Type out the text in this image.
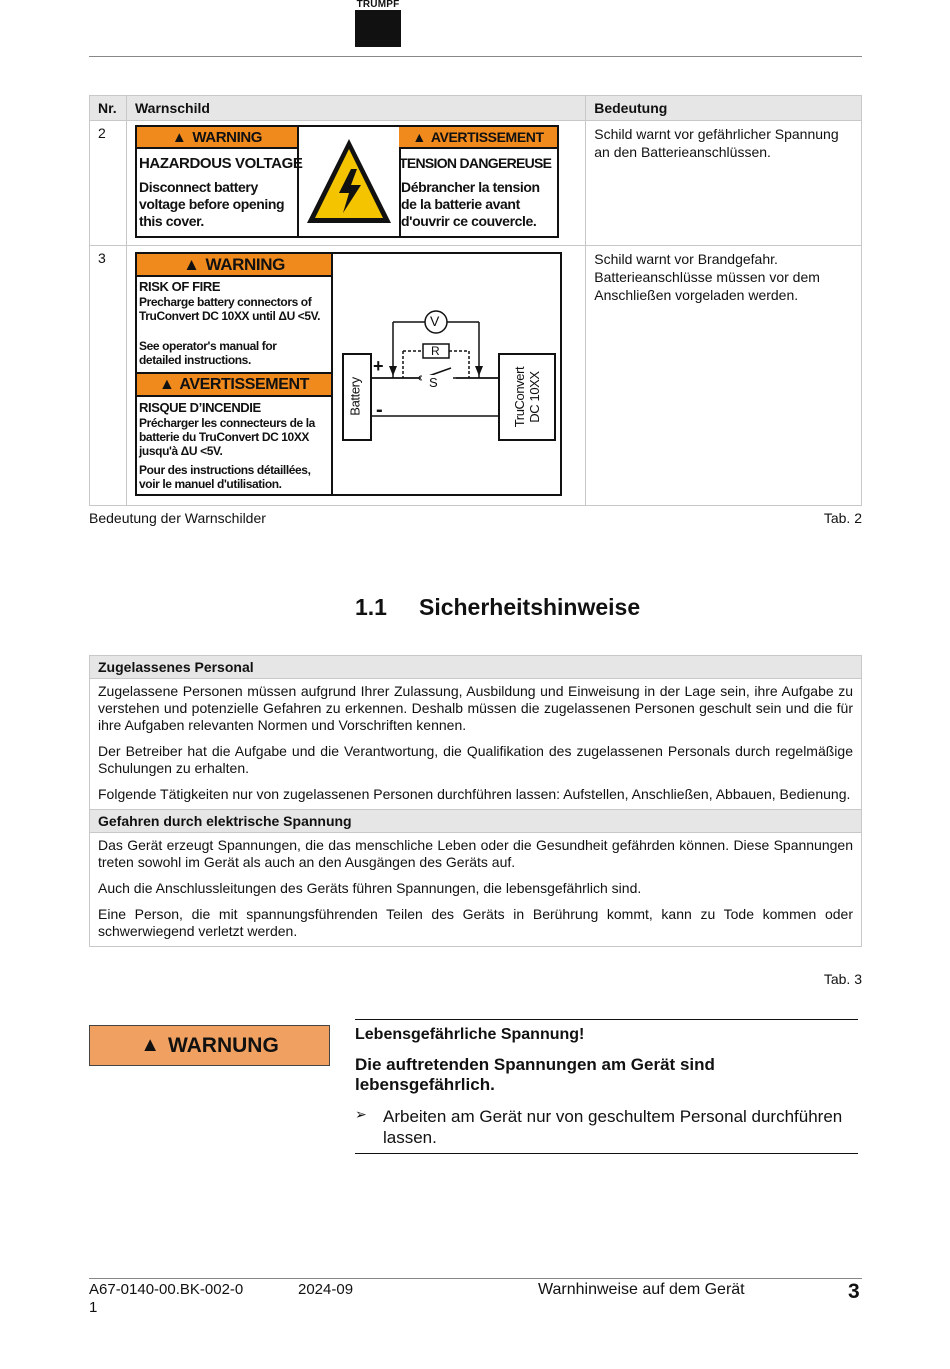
TRUMPF
Nr.	Warnschild	Bedeutung
2		Schild warnt vor gefährlicher Spannung an den Batterieanschlüssen.
3		Schild warnt vor Brandgefahr. Batterieanschlüsse müssen vor dem Anschließen vorgeladen werden.
▲ WARNING
HAZARDOUS VOLTAGE
Disconnect battery voltage before opening this cover.
▲ AVERTISSEMENT
TENSION DANGEREUSE
Débrancher la tension de la batterie avant d'ouvrir ce couvercle.
▲ WARNING
RISK OF FIRE
Precharge battery connectors of TruConvert DC 10XX until ΔU <5V.
See operator's manual for detailed instructions.
▲ AVERTISSEMENT
RISQUE D’INCENDIE
Précharger les connecteurs de la batterie du TruConvert DC 10XX jusqu'à ΔU <5V.
Pour des instructions détaillées, voir le manuel d'utilisation.
V
R
S
+
-
Battery	TruConvert DC 10XX
Bedeutung der Warnschilder	Tab. 2
1.1 Sicherheitshinweise
Zugelassenes Personal

Zugelassene Personen müssen aufgrund Ihrer Zulassung, Ausbildung und Einweisung in der Lage sein, ihre Aufgabe zu verstehen und potenzielle Gefahren zu erkennen. Deshalb müssen die zugelassenen Personen geschult sein und die für ihre Aufgaben relevanten Normen und Vorschriften kennen.

Der Betreiber hat die Aufgabe und die Verantwortung, die Qualifikation des zugelassenen Personals durch regelmäßige Schulungen zu erhalten.

Folgende Tätigkeiten nur von zugelassenen Personen durchführen lassen: Aufstellen, Anschließen, Abbauen, Bedienung.

Gefahren durch elektrische Spannung

Das Gerät erzeugt Spannungen, die das menschliche Leben oder die Gesundheit gefährden können. Diese Spannungen treten sowohl im Gerät als auch an den Ausgängen des Geräts auf.

Auch die Anschlussleitungen des Geräts führen Spannungen, die lebensgefährlich sind.

Eine Person, die mit spannungsführenden Teilen des Geräts in Berührung kommt, kann zu Tode kommen oder schwerwiegend verletzt werden.

Tab. 3
▲ WARNUNG	Lebensgefährliche Spannung!
Die auftretenden Spannungen am Gerät sind lebensgefährlich.
➢ Arbeiten am Gerät nur von geschultem Personal durchführen lassen.
A67-0140-00.BK-002-01
2024-09	Warnhinweise auf dem Gerät	3
